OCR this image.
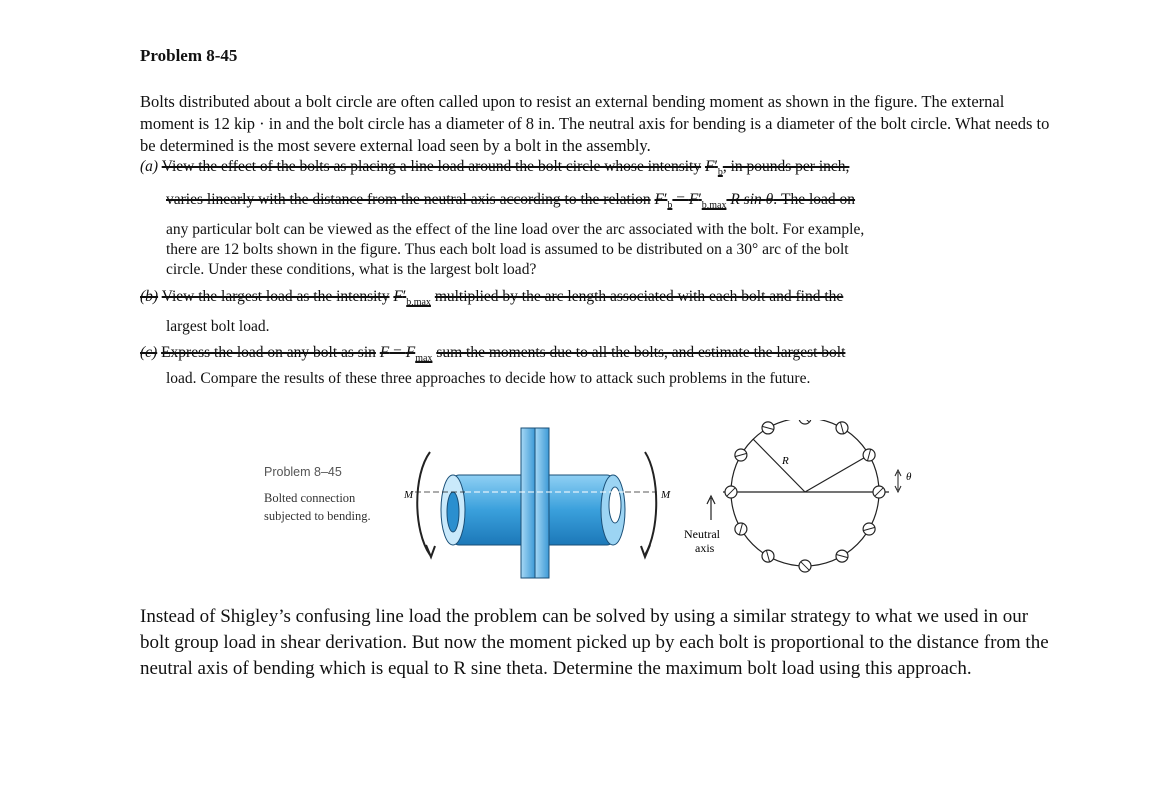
Problem 8-45
Bolts distributed about a bolt circle are often called upon to resist an external bending moment as shown in the figure. The external moment is 12 kip · in and the bolt circle has a diameter of 8 in. The neutral axis for bending is a diameter of the bolt circle. What needs to be determined is the most severe external load seen by a bolt in the assembly.
(a) View the effect of the bolts as placing a line load around the bolt circle whose intensity $F'_b$, in pounds per inch,
varies linearly with the distance from the neutral axis according to the relation $F'_b = F'_{b,max}$ R sin θ. The load on
any particular bolt can be viewed as the effect of the line load over the arc associated with the bolt. For example,
there are 12 bolts shown in the figure. Thus each bolt load is assumed to be distributed on a 30° arc of the bolt
circle. Under these conditions, what is the largest bolt load?
(b) View the largest load as the intensity $F'_{b,max}$ multiplied by the arc length associated with each bolt and find the
largest bolt load.
(c) Express the load on any bolt as $\sin F = F_{max}$ sum the moments due to all the bolts, and estimate the largest bolt
load. Compare the results of these three approaches to decide how to attack such problems in the future.
Problem 8–45
Bolted connection subjected to bending.
M	M
Neutral
axis
R
θ
Instead of Shigley’s confusing line load the problem can be solved by using a similar strategy to what we used in our bolt group load in shear derivation. But now the moment picked up by each bolt is proportional to the distance from the neutral axis of bending which is equal to R sine theta. Determine the maximum bolt load using this approach.
